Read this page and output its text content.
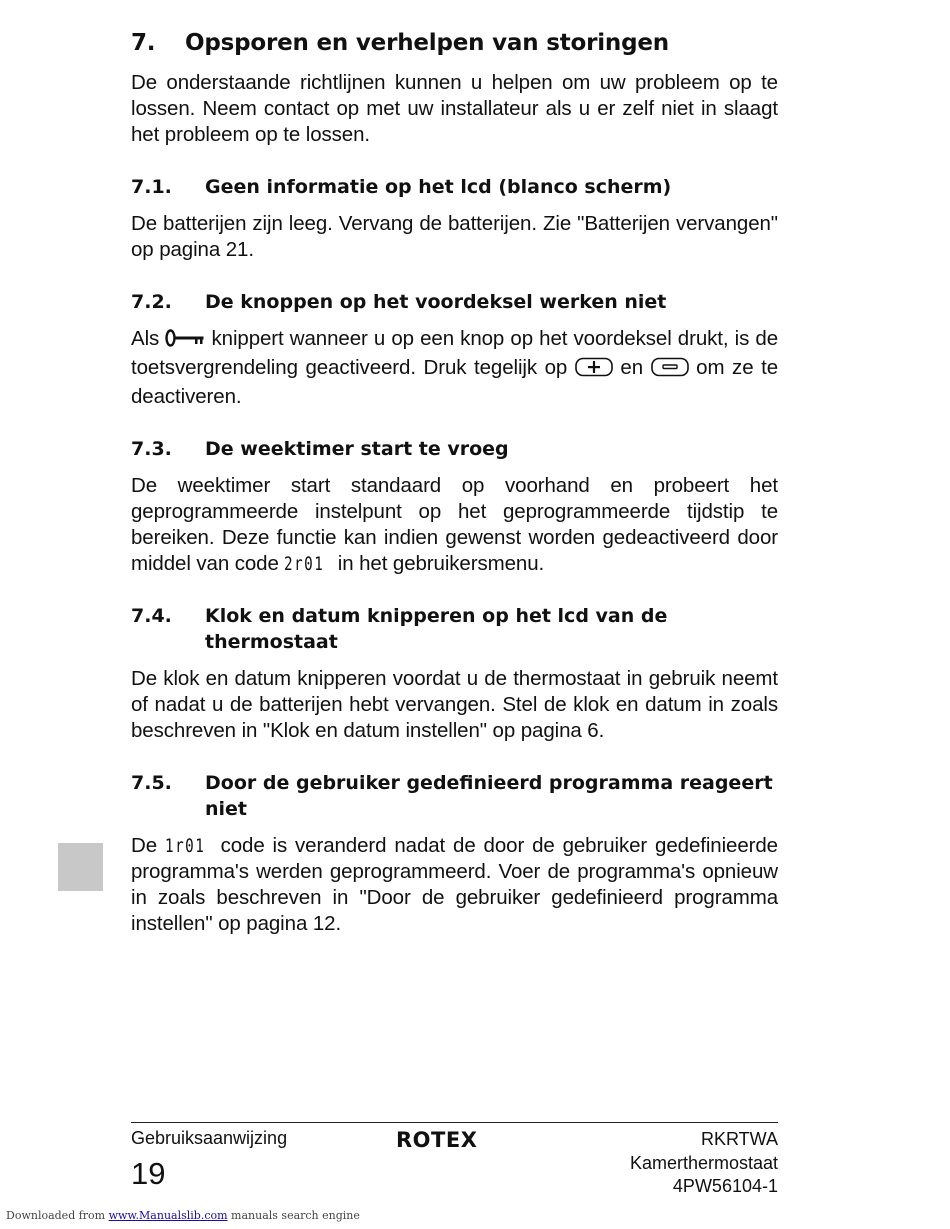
7.	Opsporen en verhelpen van storingen

De onderstaande richtlijnen kunnen u helpen om uw probleem op te lossen. Neem contact op met uw installateur als u er zelf niet in slaagt het probleem op te lossen.

7.1.	Geen informatie op het lcd (blanco scherm)

De batterijen zijn leeg. Vervang de batterijen. Zie "Batterijen vervangen" op pagina 21.

7.2.	De knoppen op het voordeksel werken niet

Als  knippert wanneer u op een knop op het voordeksel drukt, is de toetsvergrendeling geactiveerd. Druk tegelijk op  en  om ze te deactiveren.

7.3.	De weektimer start te vroeg

De weektimer start standaard op voorhand en probeert het geprogrammeerde instelpunt op het geprogrammeerde tijdstip te bereiken. Deze functie kan indien gewenst worden gedeactiveerd door middel van code 2r01 in het gebruikersmenu.

7.4.	Klok en datum knipperen op het lcd van de thermostaat

De klok en datum knipperen voordat u de thermostaat in gebruik neemt of nadat u de batterijen hebt vervangen. Stel de klok en datum in zoals beschreven in "Klok en datum instellen" op pagina 6.

7.5.	Door de gebruiker gedefinieerd programma reageert niet

De 1r01 code is veranderd nadat de door de gebruiker gedefinieerde programma's werden geprogrammeerd. Voer de programma's opnieuw in zoals beschreven in "Door de gebruiker gedefinieerd programma instellen" op pagina 12.

Gebruiksaanwijzing
19
ROTEX	RKRTWA
Kamerthermostaat
4PW56104-1
Downloaded from www.Manualslib.com manuals search engine
